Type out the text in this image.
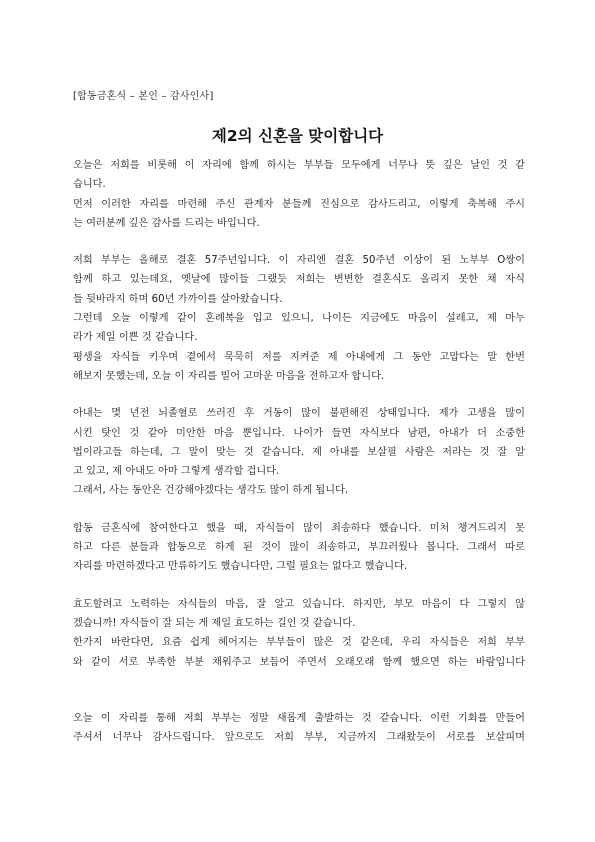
[합동금혼식 – 본인 – 감사인사]
제2의 신혼을 맞이합니다
오늘은 저희를 비롯해 이 자리에 함께 하시는 부부들 모두에게 너무나 뜻 깊은 날인 것 같
습니다.
먼저 이러한 자리를 마련해 주신 관계자 분들께 진심으로 감사드리고, 이렇게 축복해 주시
는 여러분께 깊은 감사를 드리는 바입니다.
저희 부부는 올해로 결혼 57주년입니다. 이 자리엔 결혼 50주년 이상이 된 노부부 O쌍이
함께 하고 있는데요, 옛날에 많이들 그랬듯 저희는 변변한 결혼식도 올리지 못한 채 자식
들 뒷바라지 하며 60년 가까이를 살아왔습니다.
그런데 오늘 이렇게 같이 혼례복을 입고 있으니, 나이든 지금에도 마음이 설레고, 제 마누
라가 제일 이쁜 것 같습니다.
평생을 자식들 키우며 곁에서 묵묵히 저를 지켜준 제 아내에게 그 동안 고맙다는 말 한번
해보지 못했는데, 오늘 이 자리를 빌어 고마운 마음을 전하고자 합니다.
아내는 몇 년전 뇌졸혈로 쓰러진 후 거동이 많이 불편해진 상태입니다. 제가 고생을 많이
시킨 탓인 것 같아 미안한 마음 뿐입니다. 나이가 들면 자식보다 남편, 아내가 더 소중한
법이라고들 하는데, 그 말이 맞는 것 같습니다. 제 아내를 보살필 사람은 저라는 것 잘 알
고 있고, 제 아내도 아마 그렇게 생각할 겁니다.
그래서, 사는 동안은 건강해야겠다는 생각도 많이 하게 됩니다.
합동 금혼식에 참여한다고 했을 때, 자식들이 많이 죄송하다 했습니다. 미처 챙겨드리지 못
하고 다른 분들과 합동으로 하게 된 것이 많이 죄송하고, 부끄러웠나 봅니다. 그래서 따로
자리를 마련하겠다고 만류하기도 했습니다만, 그럴 필요는 없다고 했습니다.
효도할려고 노력하는 자식들의 마음, 잘 알고 있습니다. 하지만, 부모 마음이 다 그렇지 않
겠습니까! 자식들이 잘 되는 게 제일 효도하는 길인 것 같습니다.
한가지 바란다면, 요즘 쉽게 헤어지는 부부들이 많은 것 같은데, 우리 자식들은 저희 부부
와 같이 서로 부족한 부분 채워주고 보듬어 주면서 오래오래 함께 했으면 하는 바람입니다
오늘 이 자리를 통해 저희 부부는 정말 새롭게 출발하는 것 같습니다. 이런 기회를 만들어
주셔서 너무나 감사드립니다. 앞으로도 저희 부부, 지금까지 그래왔듯이 서로를 보살피며
